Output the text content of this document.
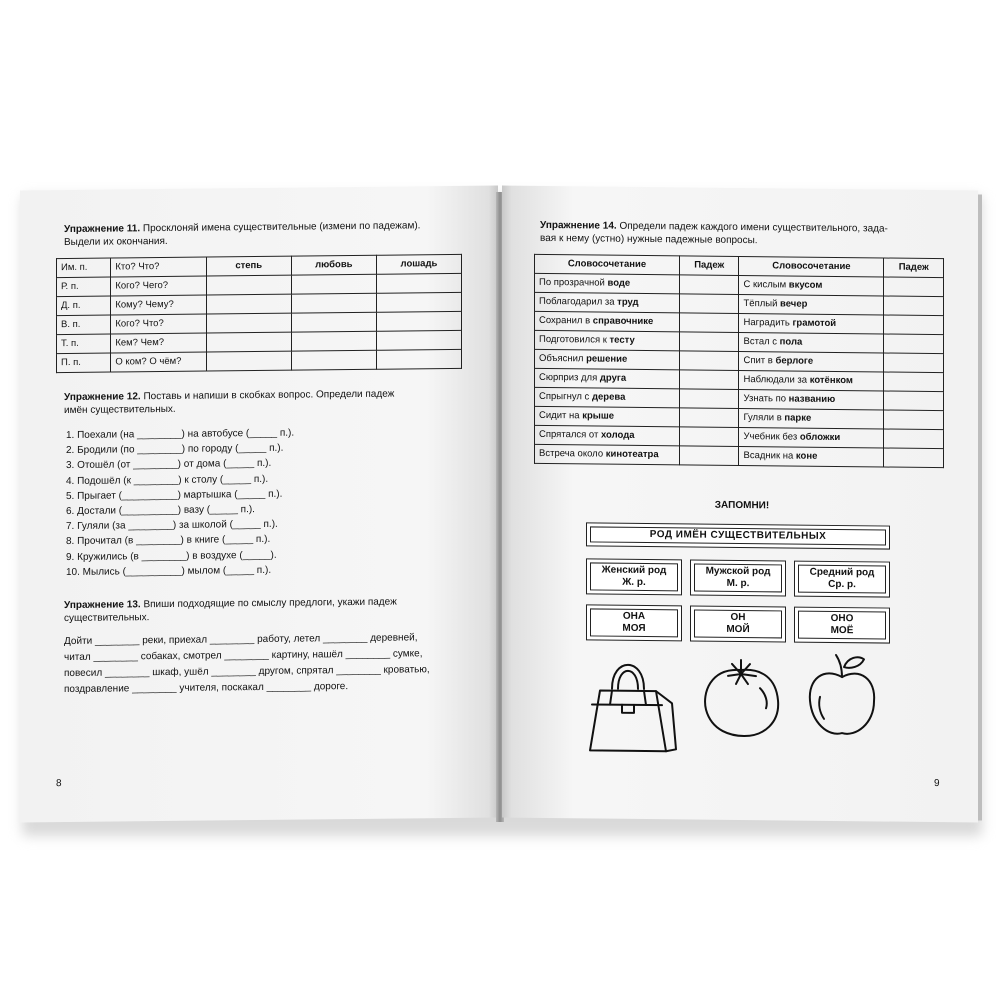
Упражнение 11. Просклоняй имена существительные (измени по падежам).
Выдели их окончания.
Им. п.	Кто? Что?	степь	любовь	лошадь
Р. п.	Кого? Чего?			
Д. п.	Кому? Чему?			
В. п.	Кого? Что?			
Т. п.	Кем? Чем?			
П. п.	О ком? О чём?			
Упражнение 12. Поставь и напиши в скобках вопрос. Определи падеж
имён существительных.
1. Поехали (на ________) на автобусе (_____ п.).
2. Бродили (по ________) по городу (_____ п.).
3. Отошёл (от ________) от дома (_____ п.).
4. Подошёл (к ________) к столу (_____ п.).
5. Прыгает (__________) мартышка (_____ п.).
6. Достали (__________) вазу (_____ п.).
7. Гуляли (за ________) за школой (_____ п.).
8. Прочитал (в ________) в книге (_____ п.).
9. Кружились (в ________) в воздухе (_____).
10. Мылись (__________) мылом (_____ п.).
Упражнение 13. Впиши подходящие по смыслу предлоги, укажи падеж
существительных.
Дойти ________ реки, приехал ________ работу, летел ________ деревней,
читал ________ собаках, смотрел ________ картину, нашёл ________ сумке,
повесил ________ шкаф, ушёл ________ другом, спрятал ________ кроватью,
поздравление ________ учителя, поскакал ________ дороге.
8
Упражнение 14. Определи падеж каждого имени существительного, зада-
вая к нему (устно) нужные падежные вопросы.
Словосочетание	Падеж	Словосочетание	Падеж
По прозрачной воде		С кислым вкусом	
Поблагодарил за труд		Тёплый вечер	
Сохранил в справочнике		Наградить грамотой	
Подготовился к тесту		Встал с пола	
Объяснил решение		Спит в берлоге	
Сюрприз для друга		Наблюдали за котёнком	
Спрыгнул с дерева		Узнать по названию	
Сидит на крыше		Гуляли в парке	
Спрятался от холода		Учебник без обложки	
Встреча около кинотеатра		Всадник на коне	
ЗАПОМНИ!
РОД ИМЁН СУЩЕСТВИТЕЛЬНЫХ
Женский род
Ж. р.
Мужской род
М. р.
Средний род
Ср. р.
ОНА
МОЯ
ОН
МОЙ
ОНО
МОЁ
9
